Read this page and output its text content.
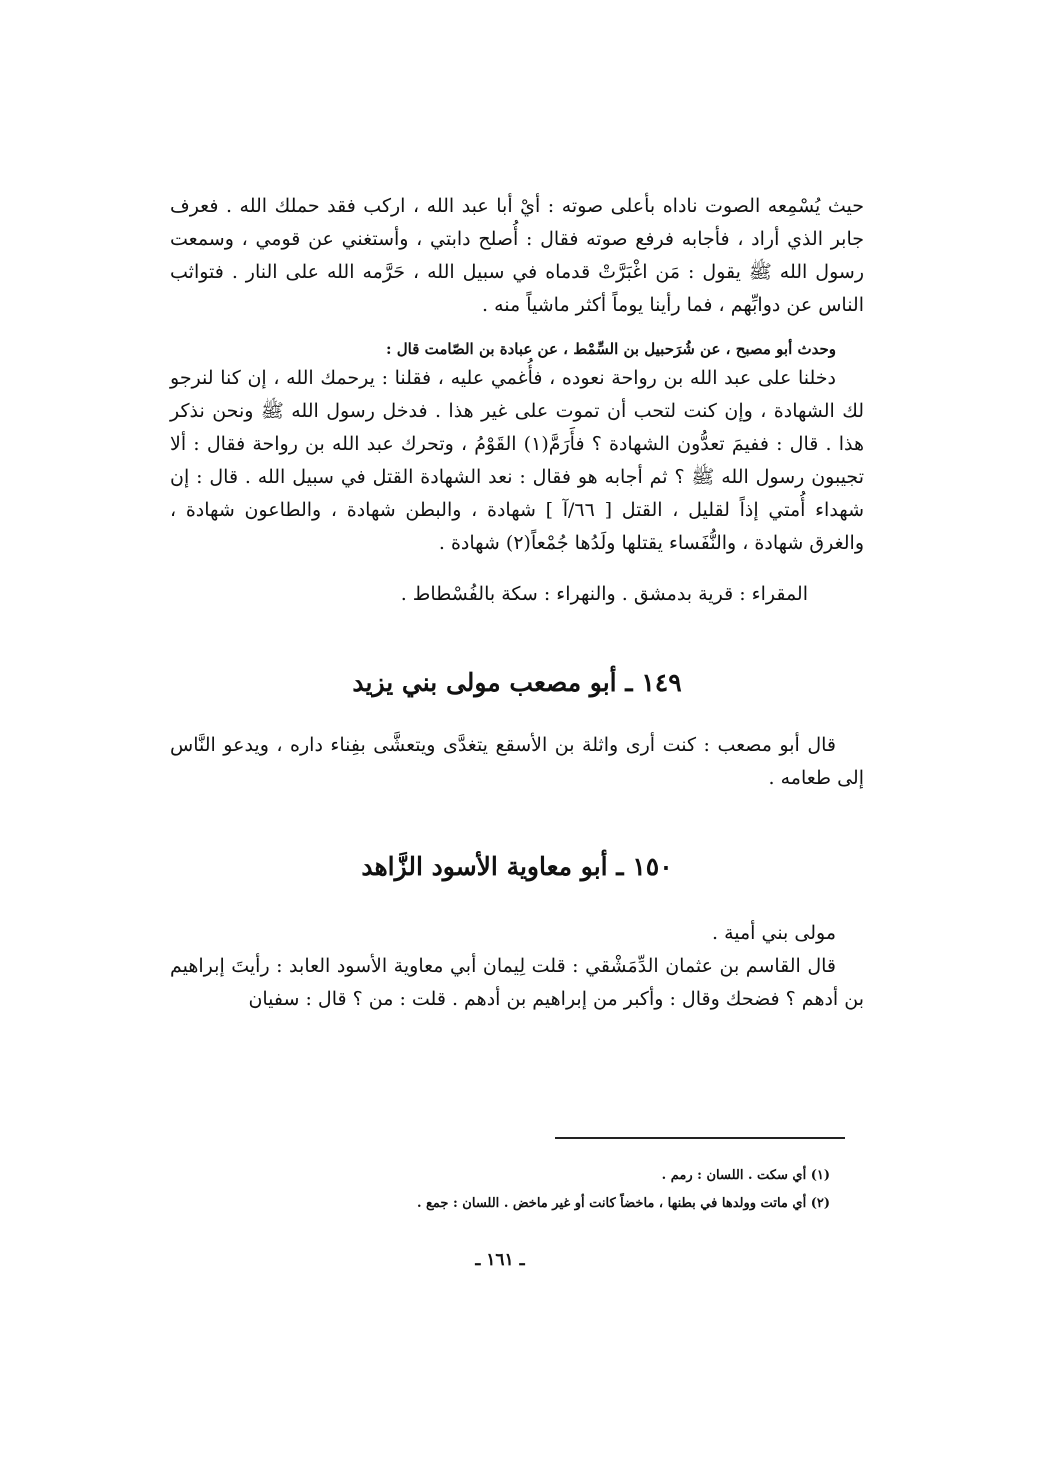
حيث يُسْمِعه الصوت ناداه بأعلى صوته : أيْ أبا عبد الله ، اركب فقد حملك الله . فعرف جابر الذي أراد ، فأجابه فرفع صوته فقال : أُصلح دابتي ، وأستغني عن قومي ، وسمعت رسول الله ﷺ يقول : مَن اغْبَرَّتْ قدماه في سبيل الله ، حَرَّمه الله على النار . فتواثب الناس عن دوابِّهم ، فما رأينا يوماً أكثر ماشياً منه .

وحدث أبو مصبح ، عن شُرَحبيل بن السِّمْط ، عن عبادة بن الصّامت قال :

دخلنا على عبد الله بن رواحة نعوده ، فأُغمي عليه ، فقلنا : يرحمك الله ، إن كنا لنرجو لك الشهادة ، وإن كنت لتحب أن تموت على غير هذا . فدخل رسول الله ﷺ ونحن نذكر هذا . قال : ففيمَ تعدُّون الشهادة ؟ فأَرَمَّ(١) القَوْمُ ، وتحرك عبد الله بن رواحة فقال : ألا تجيبون رسول الله ﷺ ؟ ثم أجابه هو فقال : نعد الشهادة القتل في سبيل الله . قال : إن شهداء أُمتي إذاً لقليل ، القتل [ ٦٦/آ ] شهادة ، والبطن شهادة ، والطاعون شهادة ، والغرق شهادة ، والنُّفَساء يقتلها ولَدُها جُمْعاً(٢) شهادة .

المقراء : قرية بدمشق . والنهراء : سكة بالفُسْطاط .

١٤٩ ـ أبو مصعب مولى بني يزيد

قال أبو مصعب : كنت أرى واثلة بن الأسقع يتغدَّى ويتعشَّى بفِناء داره ، ويدعو النَّاس إلى طعامه .

١٥٠ ـ أبو معاوية الأسود الزَّاهد

مولى بني أمية .

قال القاسم بن عثمان الدِّمَشْقي : قلت لِيمان أبي معاوية الأسود العابد : رأيتَ إبراهيم بن أدهم ؟ فضحك وقال : وأكبر من إبراهيم بن أدهم . قلت : من ؟ قال : سفيان

(١) أي سكت . اللسان : رمم .

(٢) أي ماتت وولدها في بطنها ، ماخضاً كانت أو غير ماخض . اللسان : جمع .

ـ ١٦١ ـ
